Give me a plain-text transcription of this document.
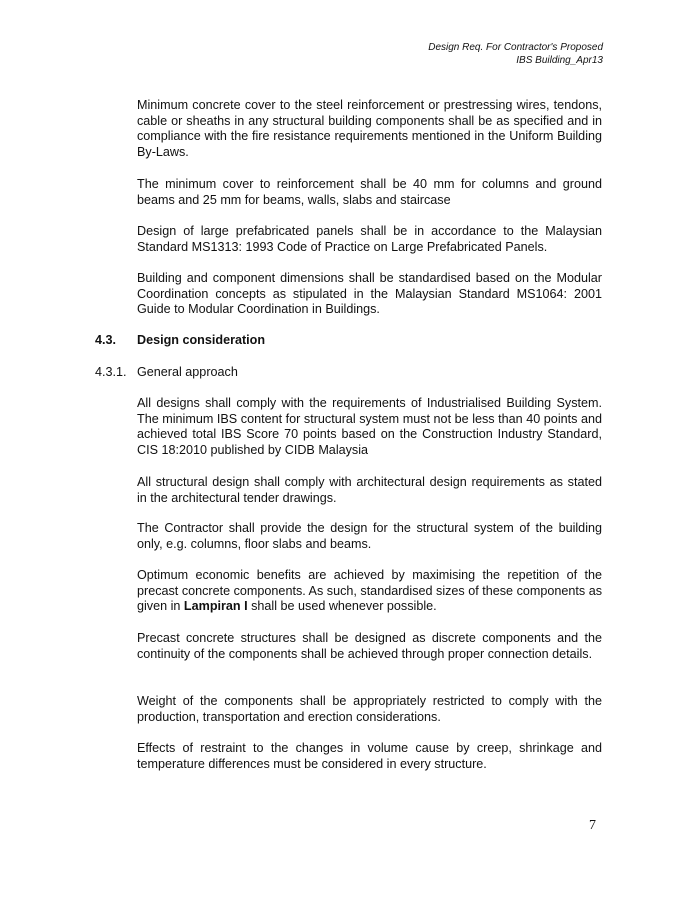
Design Req. For Contractor's Proposed
IBS Building_Apr13

Minimum concrete cover to the steel reinforcement or prestressing wires, tendons, cable or sheaths in any structural building components shall be as specified and in compliance with the fire resistance requirements mentioned in the Uniform Building By-Laws.

The minimum cover to reinforcement shall be 40 mm for columns and ground beams and 25 mm for beams, walls, slabs and staircase

Design of large prefabricated panels shall be in accordance to the Malaysian Standard MS1313: 1993 Code of Practice on Large Prefabricated Panels.

Building and component dimensions shall be standardised based on the Modular Coordination concepts as stipulated in the Malaysian Standard MS1064: 2001 Guide to Modular Coordination in Buildings.

4.3. Design consideration
4.3.1. General approach

All designs shall comply with the requirements of Industrialised Building System. The minimum IBS content for structural system must not be less than 40 points and achieved total IBS Score 70 points based on the Construction Industry Standard, CIS 18:2010 published by CIDB Malaysia

All structural design shall comply with architectural design requirements as stated in the architectural tender drawings.

The Contractor shall provide the design for the structural system of the building only, e.g. columns, floor slabs and beams.

Optimum economic benefits are achieved by maximising the repetition of the precast concrete components. As such, standardised sizes of these components as given in Lampiran I shall be used whenever possible.

Precast concrete structures shall be designed as discrete components and the continuity of the components shall be achieved through proper connection details.

Weight of the components shall be appropriately restricted to comply with the production, transportation and erection considerations.

Effects of restraint to the changes in volume cause by creep, shrinkage and temperature differences must be considered in every structure.

7
